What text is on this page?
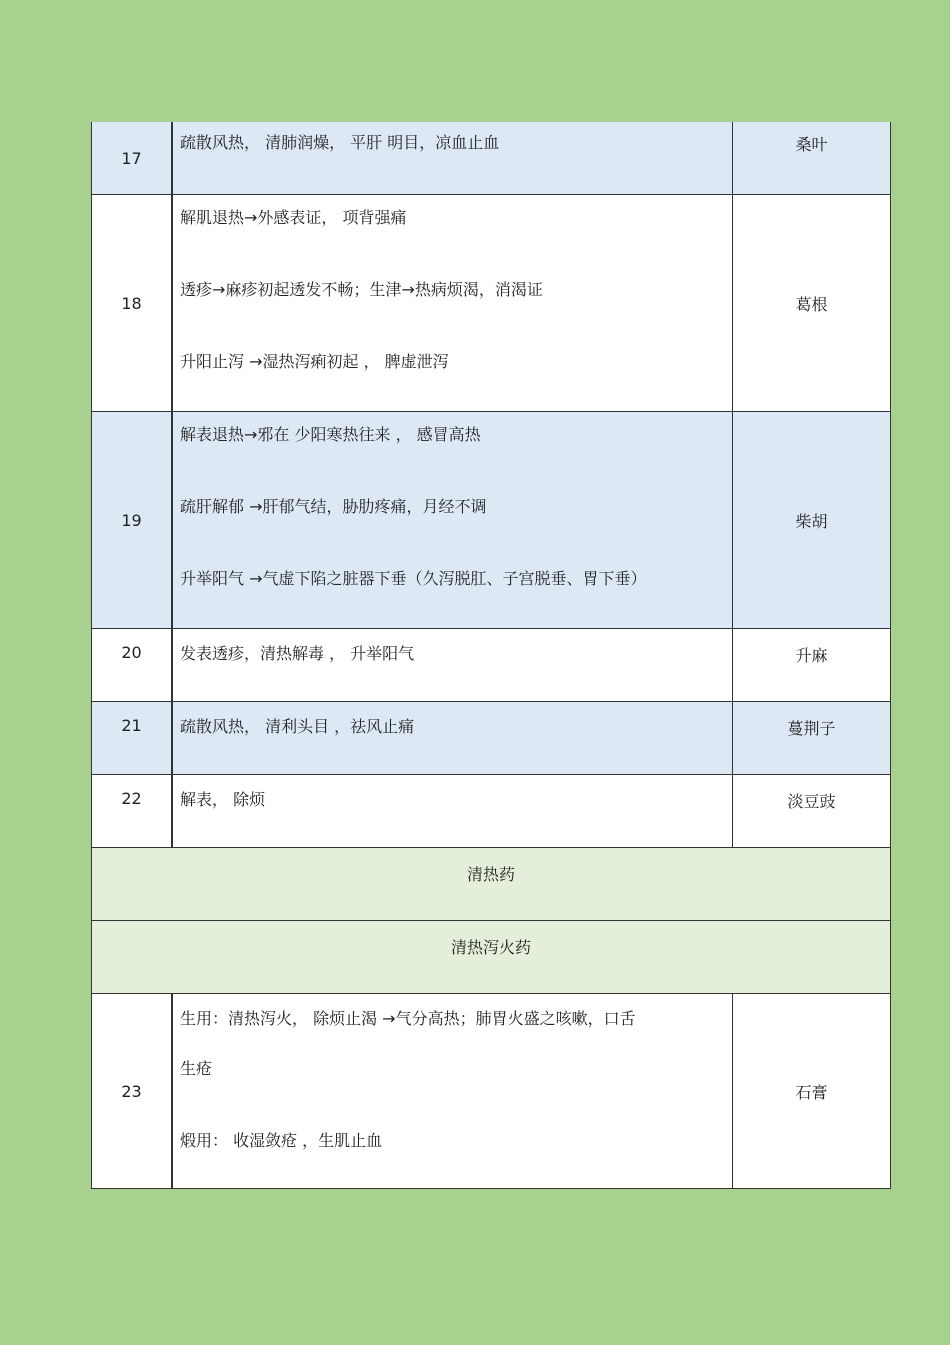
17	疏散风热， 清肺润燥， 平肝 明目，凉血止血	桑叶

18	解肌退热→外感表证， 项背强痛
透疹→麻疹初起透发不畅；生津→热病烦渴，消渴证
升阳止泻 →湿热泻痢初起 ， 脾虚泄泻	葛根
19	解表退热→邪在 少阳寒热往来 ， 感冒高热
疏肝解郁 →肝郁气结，胁肋疼痛，月经不调
升举阳气 →气虚下陷之脏器下垂（久泻脱肛、子宫脱垂、胃下垂）	柴胡

20	发表透疹，清热解毒 ， 升举阳气	升麻

21	疏散风热， 清利头目 ，祛风止痛	蔓荆子

22	解表， 除烦	淡豆豉

清热药		

清热泻火药		

23	生用：清热泻火， 除烦止渴 →气分高热；肺胃火盛之咳嗽，口舌
生疮
煅用： 收湿敛疮 ，生肌止血	石膏
